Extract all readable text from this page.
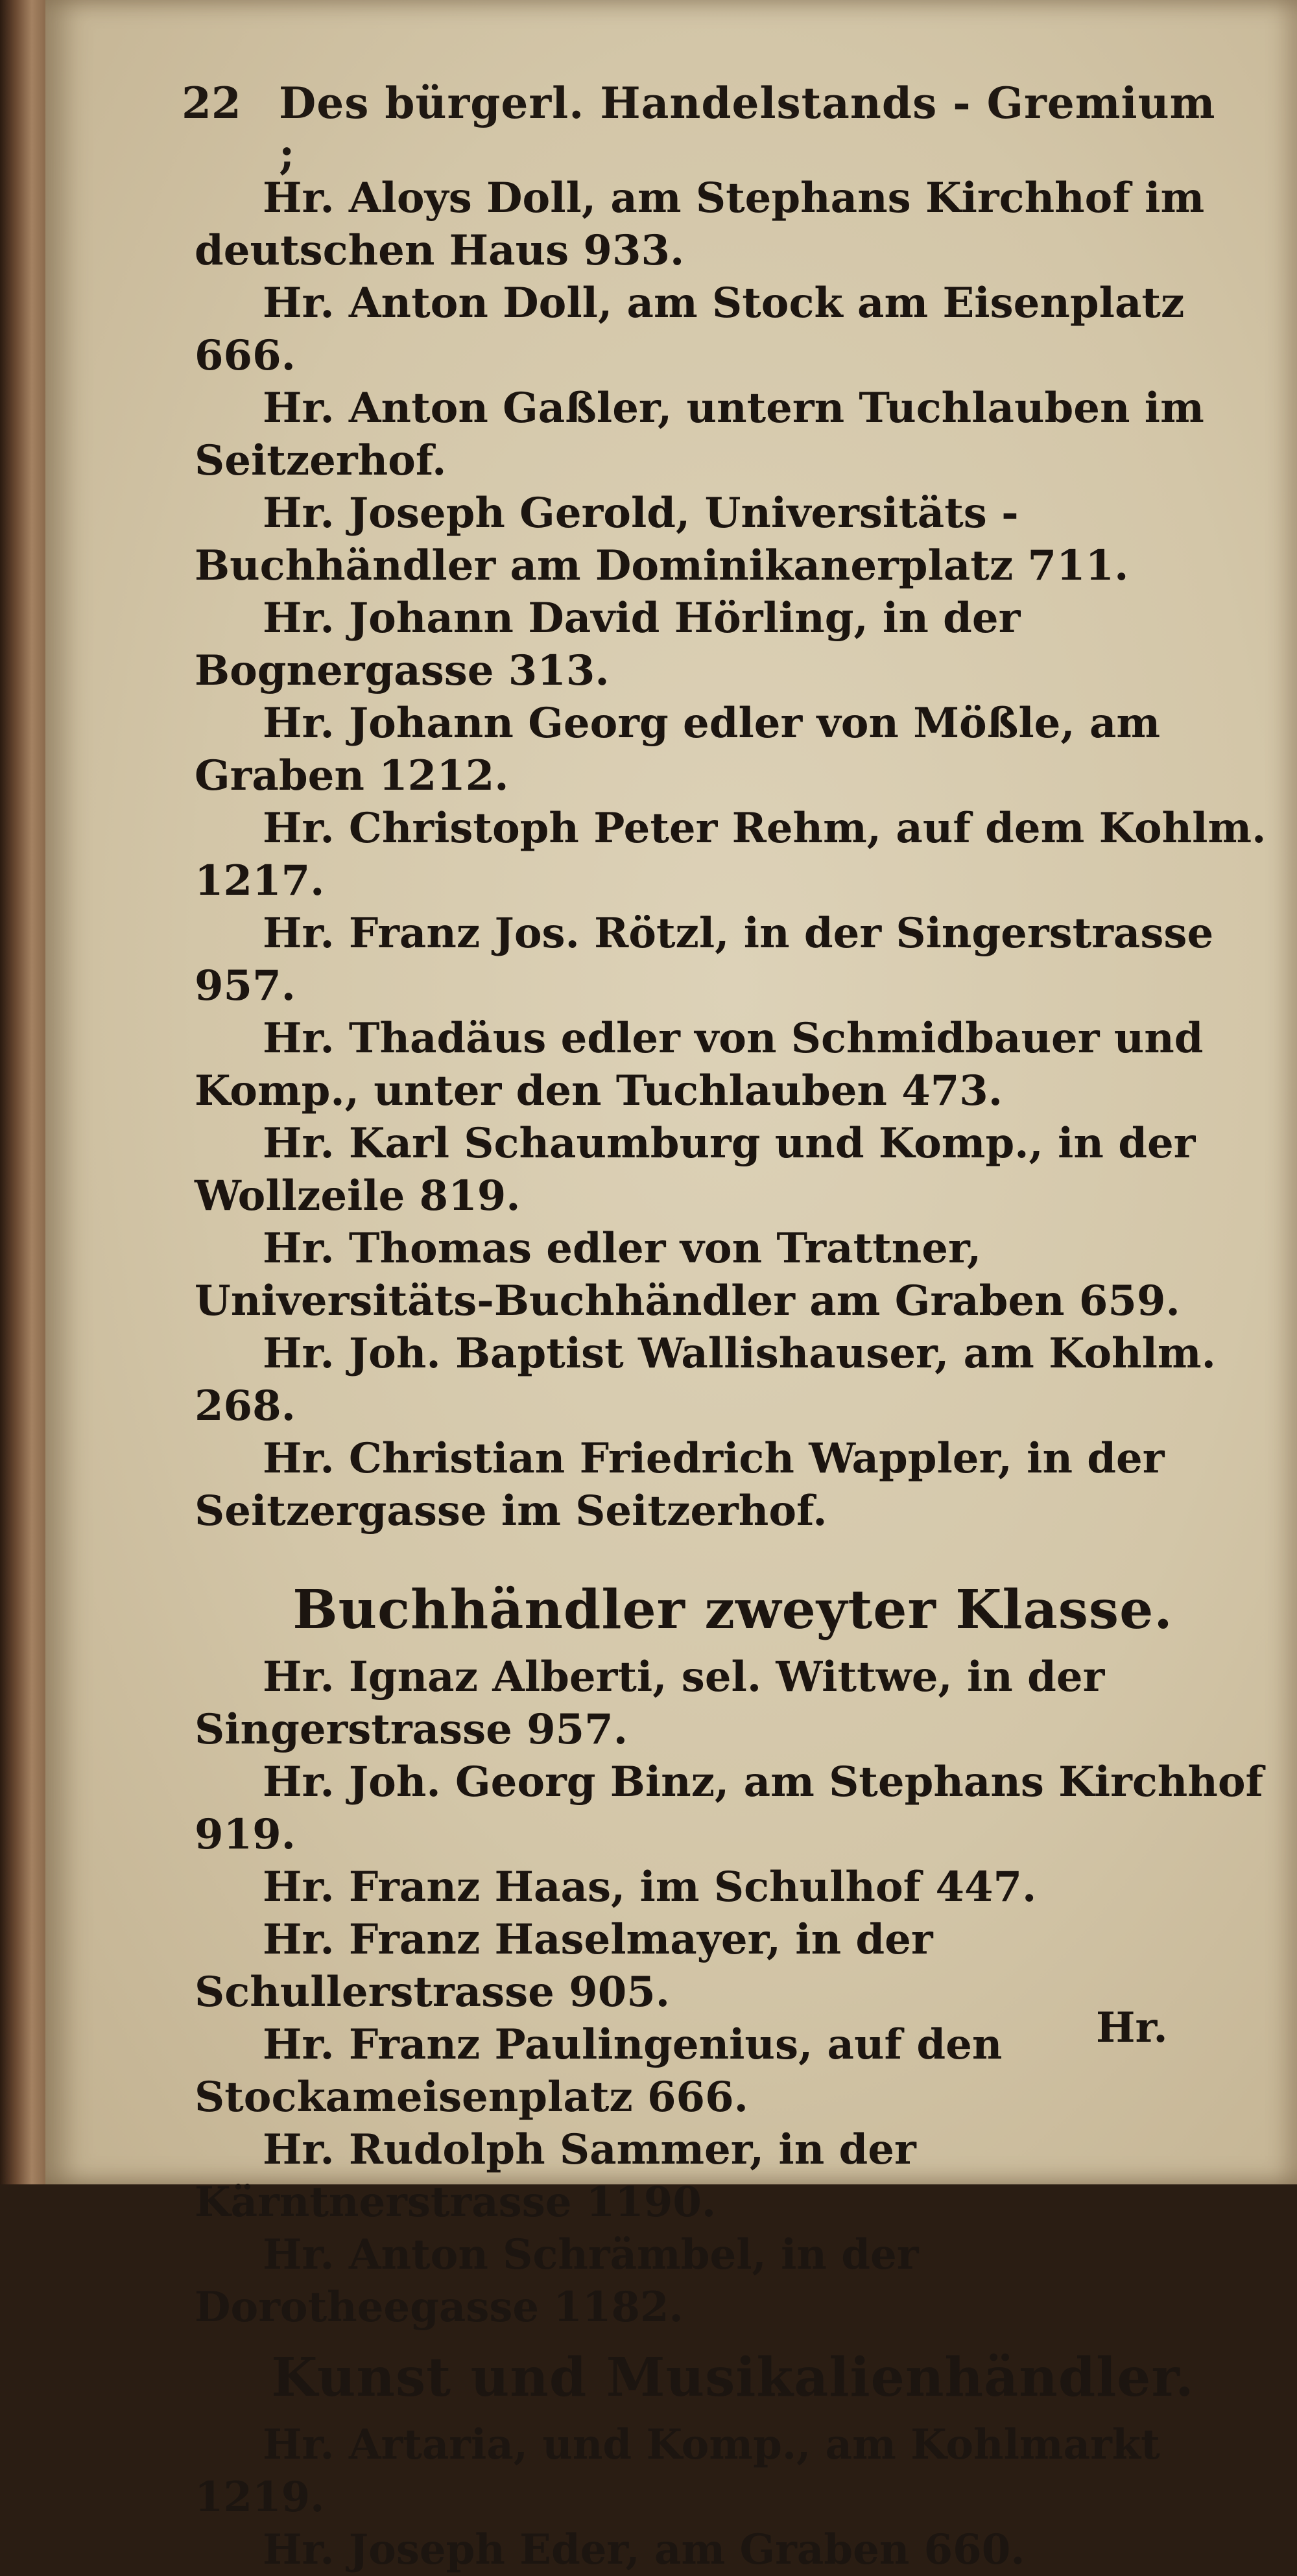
22 Des bürgerl. Handelstands - Gremium ;

Hr. Aloys Doll, am Stephans Kirchhof im deutschen Haus 933.

Hr. Anton Doll, am Stock am Eisenplatz 666.

Hr. Anton Gaßler, untern Tuchlauben im Seitzerhof.

Hr. Joseph Gerold, Universitäts - Buchhändler am Dominikanerplatz 711.

Hr. Johann David Hörling, in der Bognergasse 313.

Hr. Johann Georg edler von Mößle, am Graben 1212.

Hr. Christoph Peter Rehm, auf dem Kohlm. 1217.

Hr. Franz Jos. Rötzl, in der Singerstrasse 957.

Hr. Thadäus edler von Schmidbauer und Komp., unter den Tuchlauben 473.

Hr. Karl Schaumburg und Komp., in der Wollzeile 819.

Hr. Thomas edler von Trattner, Universitäts-Buchhändler am Graben 659.

Hr. Joh. Baptist Wallishauser, am Kohlm. 268.

Hr. Christian Friedrich Wappler, in der Seitzergasse im Seitzerhof.

Buchhändler zweyter Klasse.

Hr. Ignaz Alberti, sel. Wittwe, in der Singerstrasse 957.

Hr. Joh. Georg Binz, am Stephans Kirchhof 919.

Hr. Franz Haas, im Schulhof 447.

Hr. Franz Haselmayer, in der Schullerstrasse 905.

Hr. Franz Paulingenius, auf den Stockameisenplatz 666.

Hr. Rudolph Sammer, in der Kärntnerstrasse 1190.

Hr. Anton Schrämbel, in der Dorotheegasse 1182.

Kunst und Musikalienhändler.

Hr. Artaria, und Komp., am Kohlmarkt 1219.

Hr. Joseph Eder, am Graben 660.

Hr.
